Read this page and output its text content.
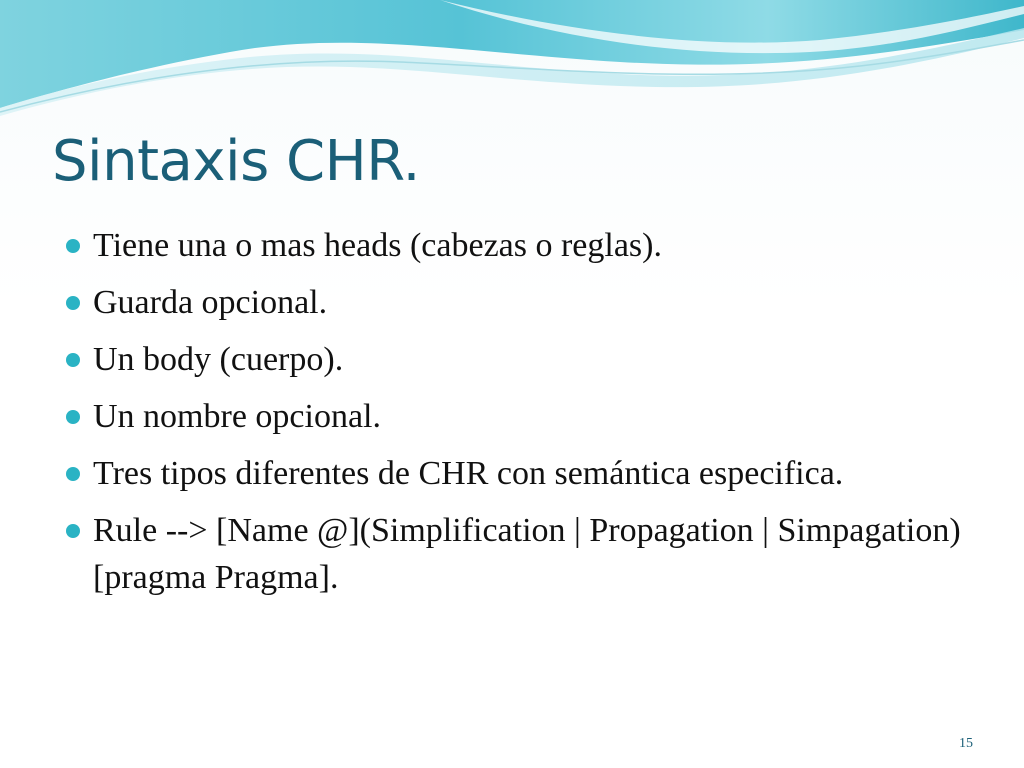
Sintaxis CHR.
Tiene una o mas heads (cabezas o reglas).
Guarda opcional.
Un body (cuerpo).
Un nombre opcional.
Tres tipos diferentes de CHR con semántica especifica.
Rule --> [Name @](Simplification | Propagation | Simpagation) [pragma Pragma].
15
